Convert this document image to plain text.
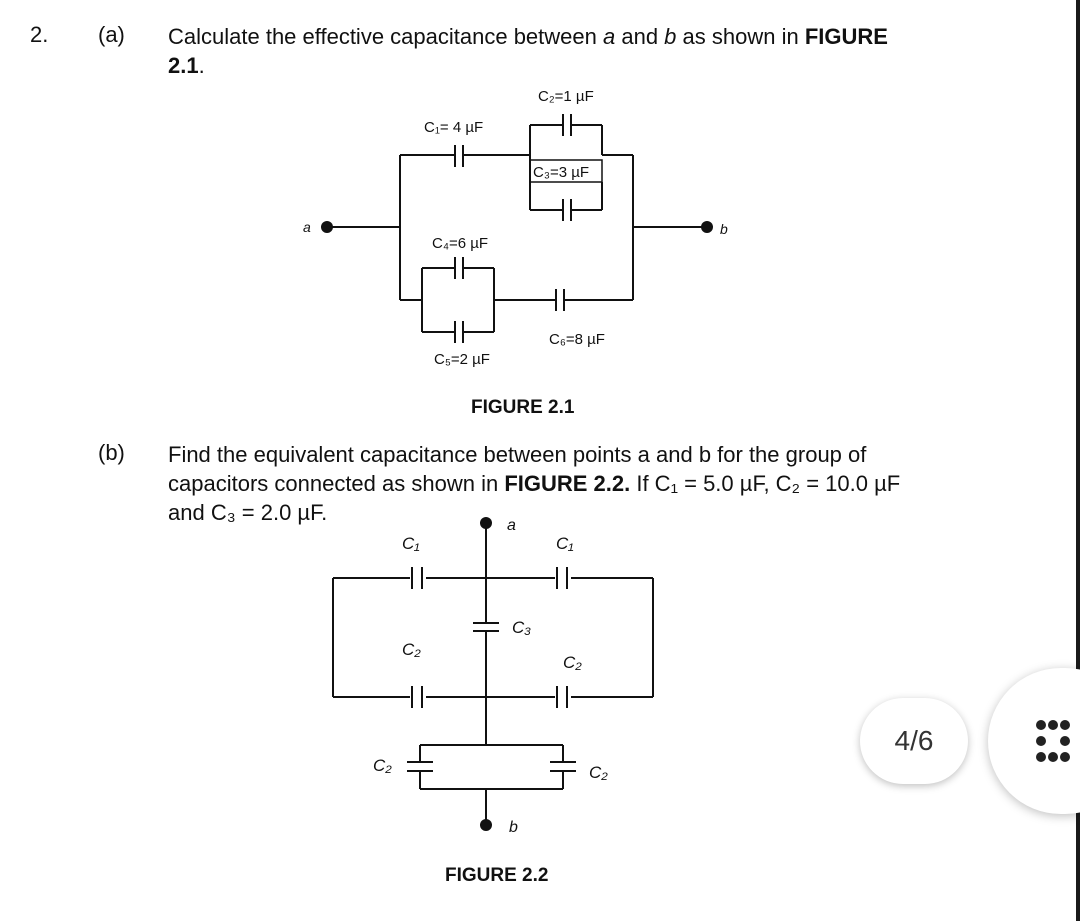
2. (a) Calculate the effective capacitance between a and b as shown in FIGURE
2.1.
(b) Find the equivalent capacitance between points a and b for the group of
capacitors connected as shown in FIGURE 2.2. If C₁ = 5.0 µF, C₂ = 10.0 µF
and C₃ = 2.0 µF.
a	b
C₁= 4 µF
C₂=1 µF
C₃=3 µF
C₄=6 µF
C₅=2 µF
C₆=8 µF
FIGURE 2.1
a
C₁	C₁
C₃
C₂
C₂
C₂	C₂
b
FIGURE 2.2
4/6
